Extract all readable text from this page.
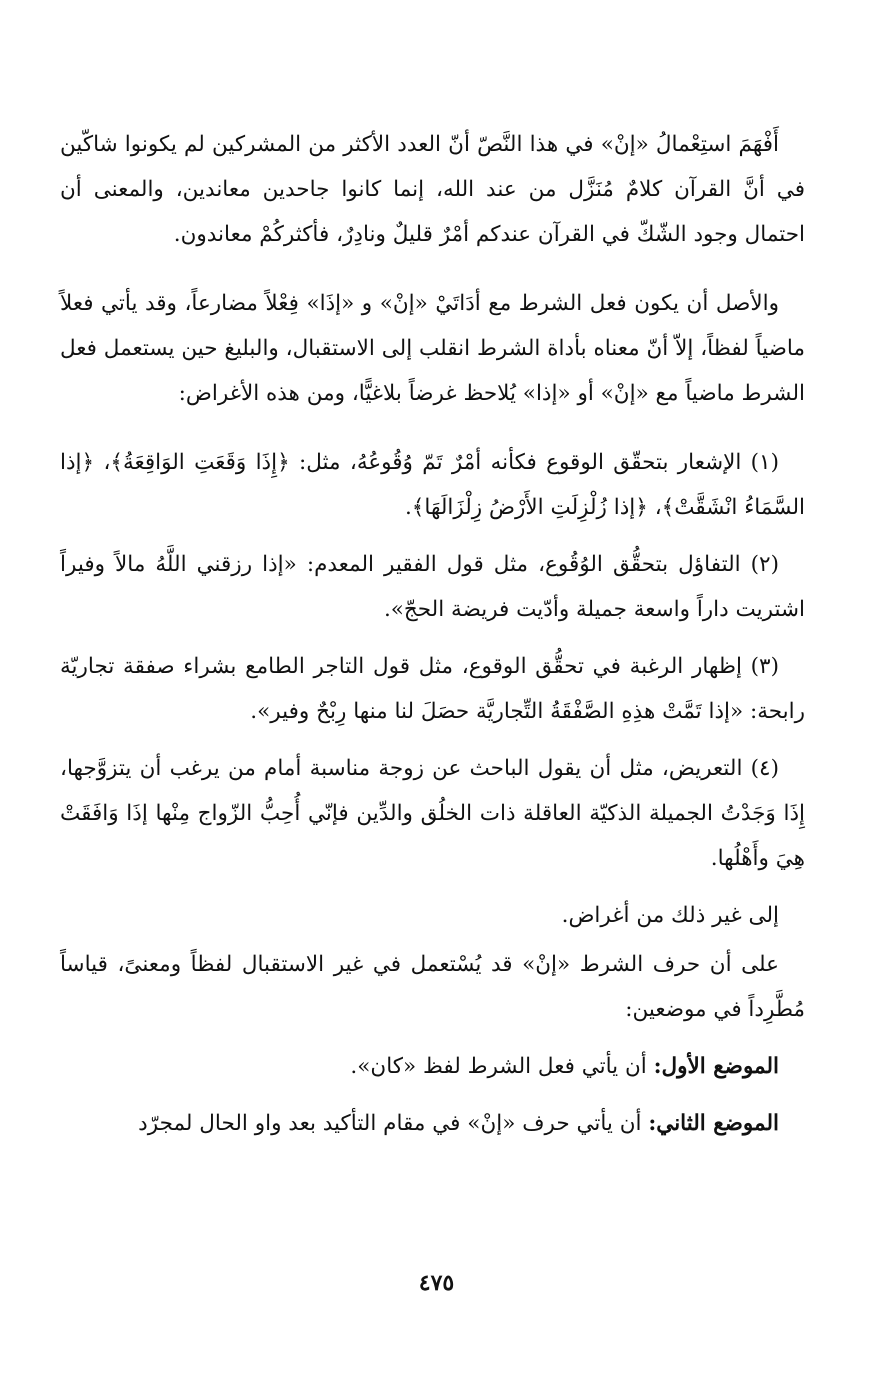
أَفْهَمَ استِعْمالُ «إنْ» في هذا النَّصّ أنّ العدد الأكثر من المشركين لم يكونوا شاكّين في أنَّ القرآن كلامٌ مُنَزَّل من عند الله، إنما كانوا جاحدين معاندين، والمعنى أن احتمال وجود الشّكّ في القرآن عندكم أمْرٌ قليلٌ ونادِرٌ، فأكثركُمْ معاندون.

والأصل أن يكون فعل الشرط مع أدَاتَيْ «إنْ» و «إذَا» فِعْلاً مضارعاً، وقد يأتي فعلاً ماضياً لفظاً، إلاّ أنّ معناه بأداة الشرط انقلب إلى الاستقبال، والبليغ حين يستعمل فعل الشرط ماضياً مع «إنْ» أو «إذا» يُلاحظ غرضاً بلاغيًّا، ومن هذه الأغراض:

(١) الإشعار بتحقّق الوقوع فكأنه أمْرٌ تَمّ وُقُوعُهُ، مثل: ﴿إِذَا وَقَعَتِ الوَاقِعَةُ﴾، ﴿إذا السَّمَاءُ انْشَقَّتْ﴾، ﴿إذا زُلْزِلَتِ الأَرْضُ زِلْزَالَهَا﴾.

(٢) التفاؤل بتحقُّق الوُقُوع، مثل قول الفقير المعدم: «إذا رزقني اللَّهُ مالاً وفيراً اشتريت داراً واسعة جميلة وأدّيت فريضة الحجّ».

(٣) إظهار الرغبة في تحقُّق الوقوع، مثل قول التاجر الطامع بشراء صفقة تجاريّة رابحة: «إذا تَمَّتْ هذِهِ الصَّفْقَةُ التِّجاريَّة حصَلَ لنا منها رِبْحٌ وفير».

(٤) التعريض، مثل أن يقول الباحث عن زوجة مناسبة أمام من يرغب أن يتزوَّجها، إِذَا وَجَدْتُ الجميلة الذكيّة العاقلة ذات الخلُق والدِّين فإنّي أُحِبُّ الزّواج مِنْها إذَا وَافَقَتْ هِيَ وأَهْلُها.

إلى غير ذلك من أغراض.

على أن حرف الشرط «إنْ» قد يُسْتعمل في غير الاستقبال لفظاً ومعنىً، قياساً مُطَّرِداً في موضعين:

الموضع الأول: أن يأتي فعل الشرط لفظ «كان».

الموضع الثاني: أن يأتي حرف «إنْ» في مقام التأكيد بعد واو الحال لمجرّد

٤٧٥
